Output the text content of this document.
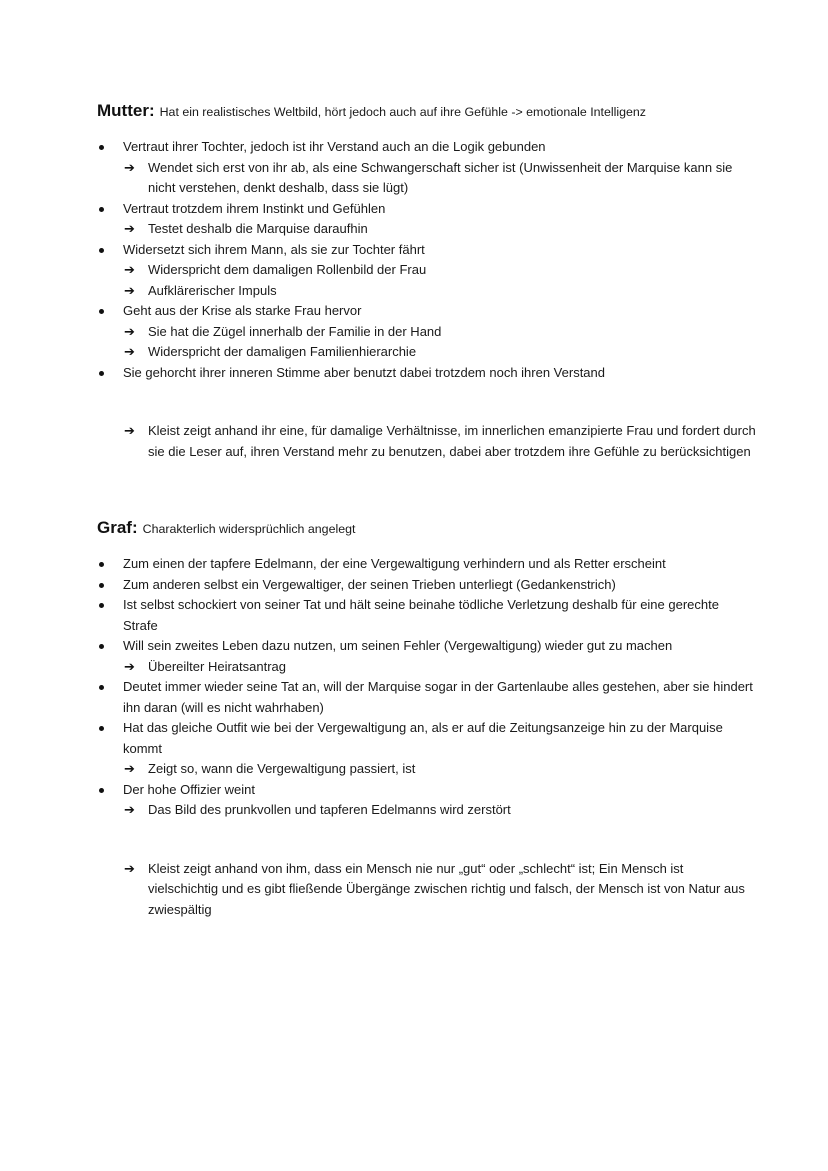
Mutter: Hat ein realistisches Weltbild, hört jedoch auch auf ihre Gefühle -> emotionale Intelligenz

Vertraut ihrer Tochter, jedoch ist ihr Verstand auch an die Logik gebunden
➔ Wendet sich erst von ihr ab, als eine Schwangerschaft sicher ist (Unwissenheit der Marquise kann sie nicht verstehen, denkt deshalb, dass sie lügt)
Vertraut trotzdem ihrem Instinkt und Gefühlen
➔ Testet deshalb die Marquise daraufhin
Widersetzt sich ihrem Mann, als sie zur Tochter fährt
➔ Widerspricht dem damaligen Rollenbild der Frau
➔ Aufklärerischer Impuls
Geht aus der Krise als starke Frau hervor
➔ Sie hat die Zügel innerhalb der Familie in der Hand
➔ Widerspricht der damaligen Familienhierarchie
Sie gehorcht ihrer inneren Stimme aber benutzt dabei trotzdem noch ihren Verstand
➔ Kleist zeigt anhand ihr eine, für damalige Verhältnisse, im innerlichen emanzipierte Frau und fordert durch sie die Leser auf, ihren Verstand mehr zu benutzen, dabei aber trotzdem ihre Gefühle zu berücksichtigen

Graf: Charakterlich widersprüchlich angelegt

Zum einen der tapfere Edelmann, der eine Vergewaltigung verhindern und als Retter erscheint
Zum anderen selbst ein Vergewaltiger, der seinen Trieben unterliegt (Gedankenstrich)
Ist selbst schockiert von seiner Tat und hält seine beinahe tödliche Verletzung deshalb für eine gerechte Strafe
Will sein zweites Leben dazu nutzen, um seinen Fehler (Vergewaltigung) wieder gut zu machen
➔ Übereilter Heiratsantrag
Deutet immer wieder seine Tat an, will der Marquise sogar in der Gartenlaube alles gestehen, aber sie hindert ihn daran (will es nicht wahrhaben)
Hat das gleiche Outfit wie bei der Vergewaltigung an, als er auf die Zeitungsanzeige hin zu der Marquise kommt
➔ Zeigt so, wann die Vergewaltigung passiert, ist
Der hohe Offizier weint
➔ Das Bild des prunkvollen und tapferen Edelmanns wird zerstört
➔ Kleist zeigt anhand von ihm, dass ein Mensch nie nur „gut“ oder „schlecht“ ist; Ein Mensch ist vielschichtig und es gibt fließende Übergänge zwischen richtig und falsch, der Mensch ist von Natur aus zwiespältig
